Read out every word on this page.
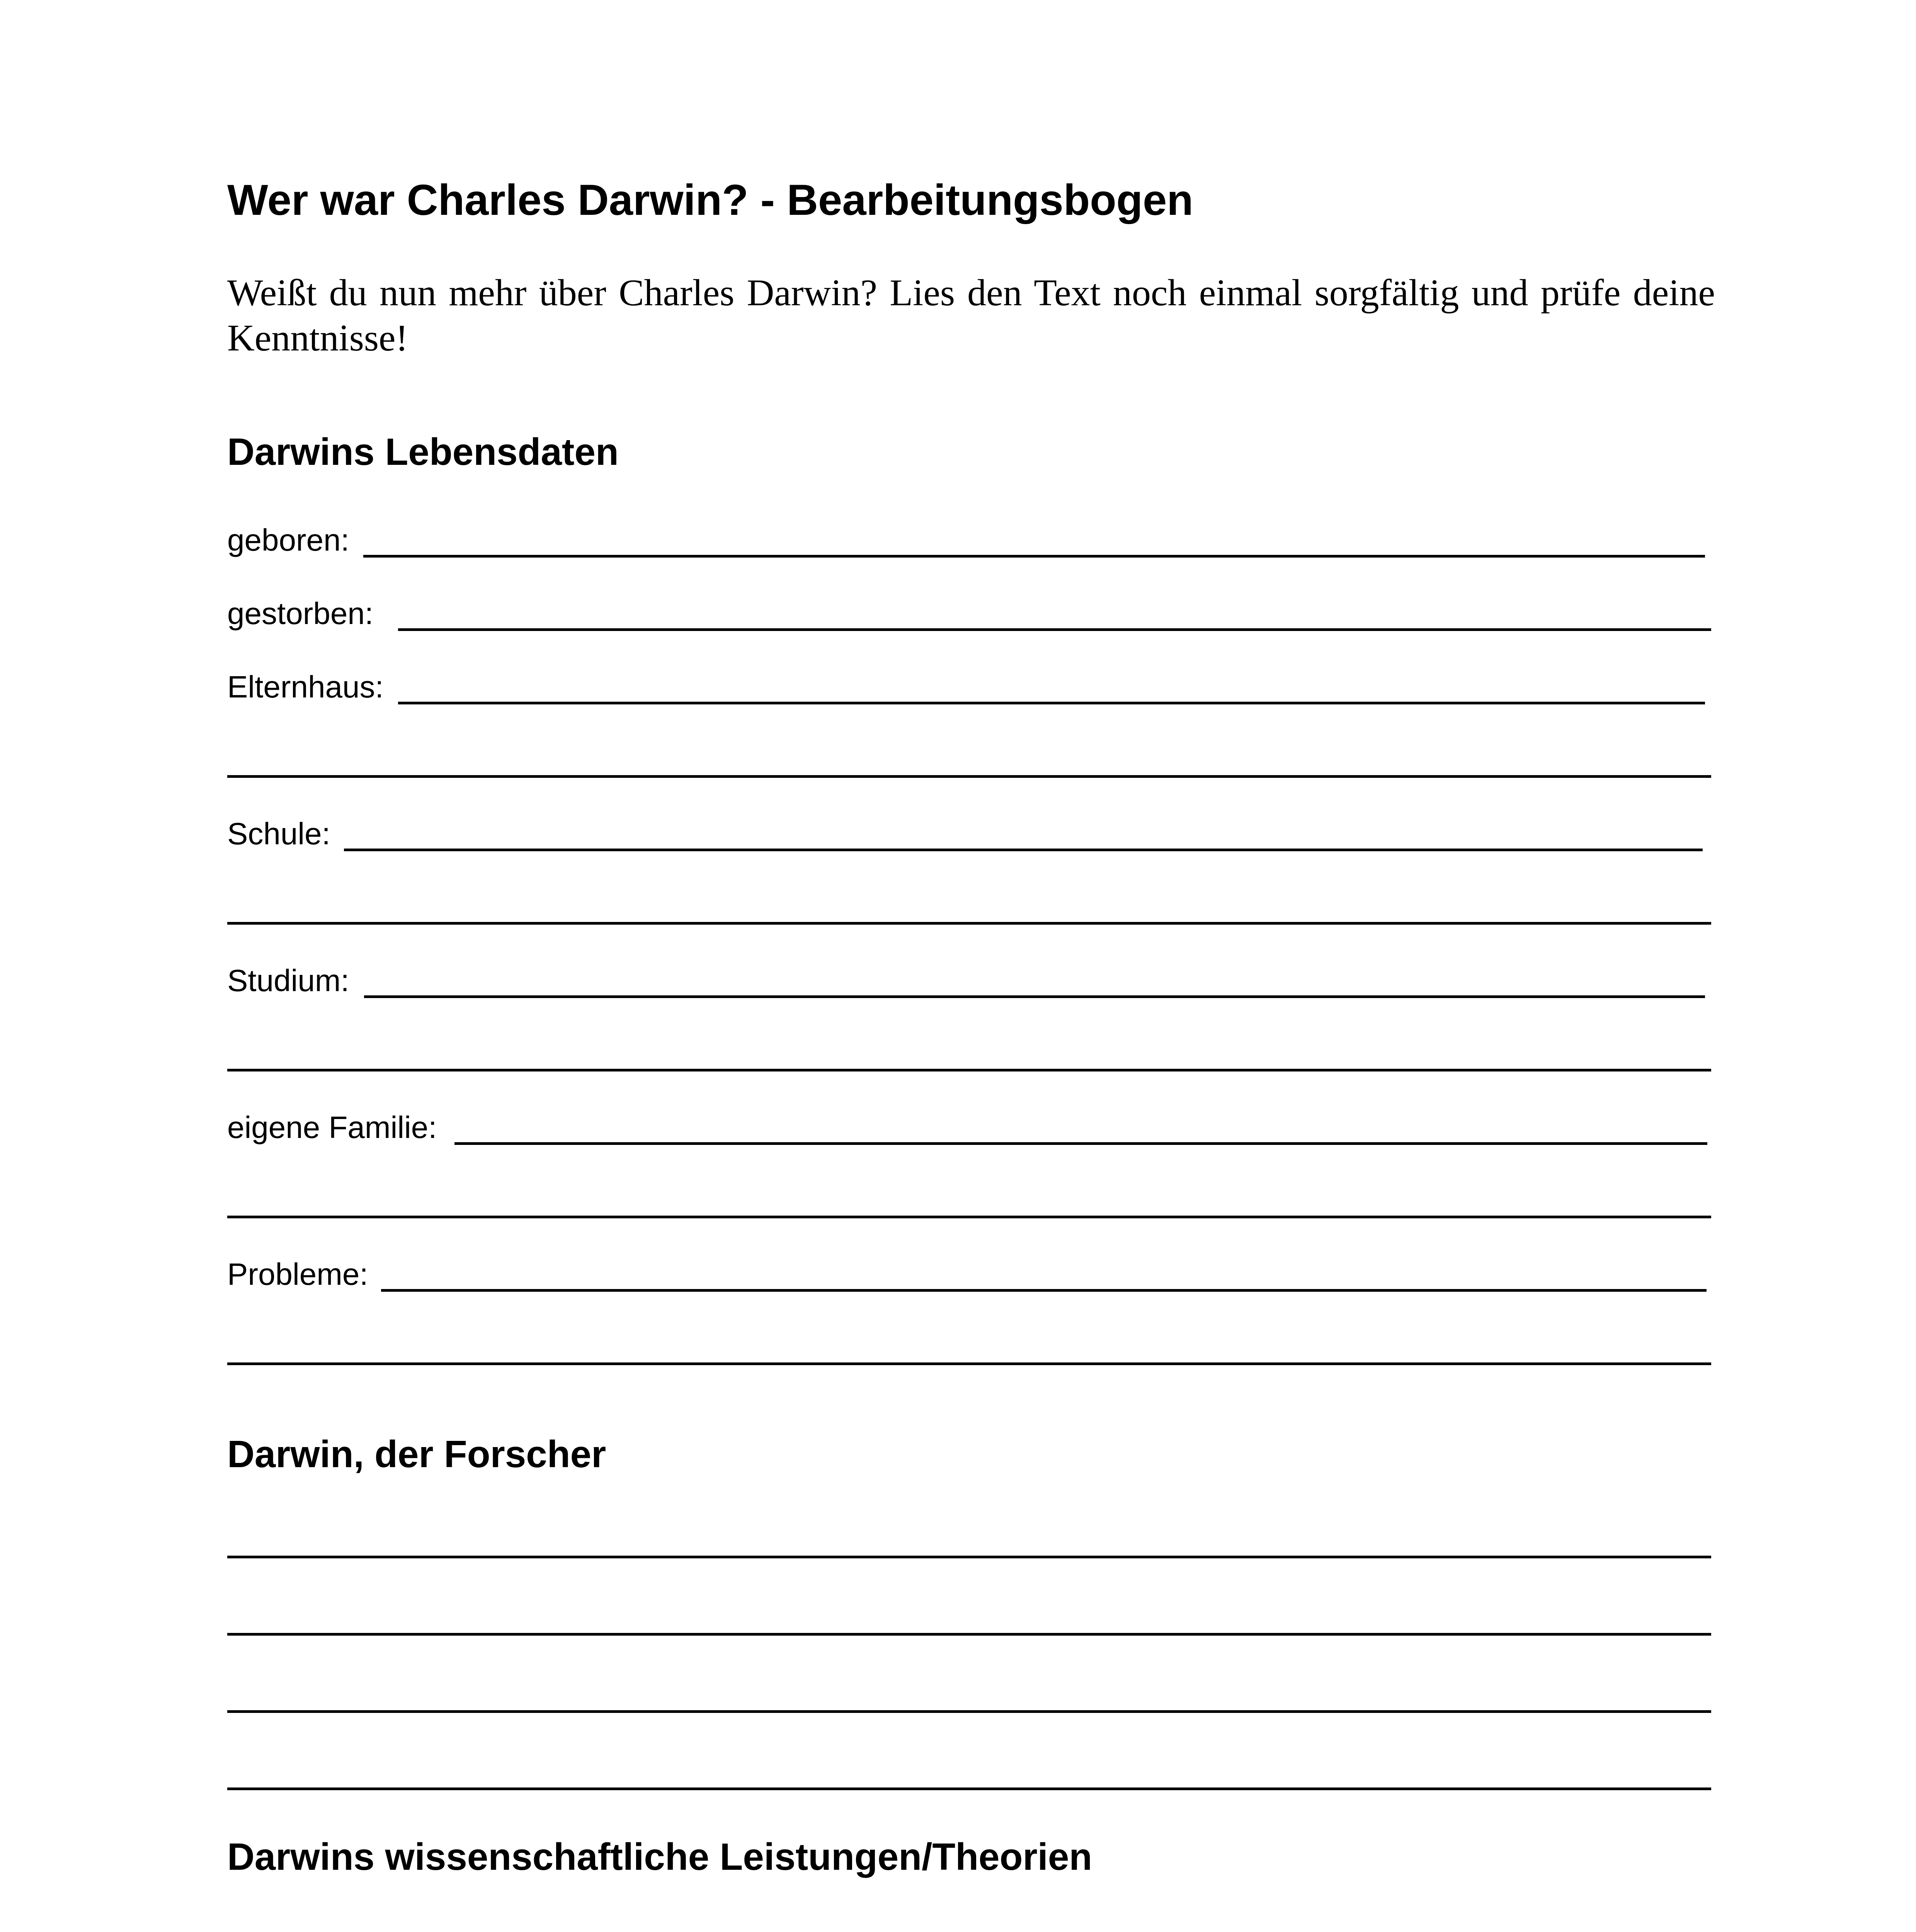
Wer war Charles Darwin? - Bearbeitungsbogen
Weißt du nun mehr über Charles Darwin? Lies den Text noch einmal sorgfältig und prüfe deine Kenntnisse!
Darwins Lebensdaten
geboren:
gestorben:
Elternhaus:
Schule:
Studium:
eigene Familie:
Probleme:
Darwin, der Forscher
Darwins wissenschaftliche Leistungen/Theorien
